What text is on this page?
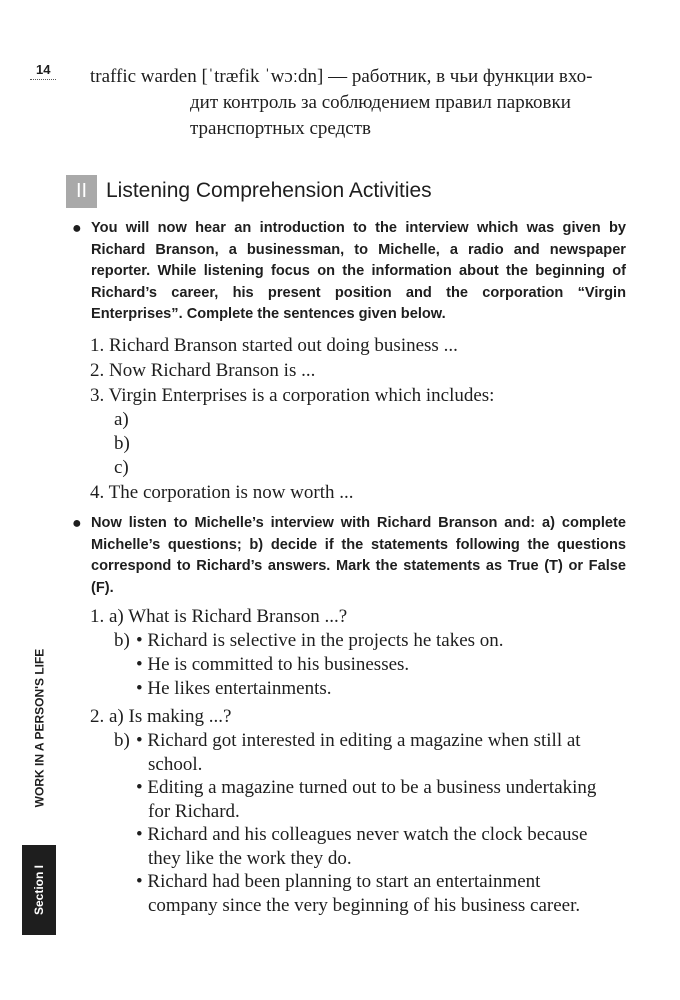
14 traffic warden [ˈtræfik ˈwɔːdn] — работник, в чьи функции вхо-
дит контроль за соблюдением правил парковки
транспортных средств
II Listening Comprehension Activities
● You will now hear an introduction to the interview which was given by Richard Branson, a businessman, to Michelle, a radio and newspaper reporter. While listening focus on the information about the beginning of Richard’s career, his present position and the corporation “Virgin Enterprises”. Complete the sentences given below.
1. Richard Branson started out doing business ...
2. Now Richard Branson is ...
3. Virgin Enterprises is a corporation which includes:
a)
b)
c)
4. The corporation is now worth ...
● Now listen to Michelle’s interview with Richard Branson and: a) complete Michelle’s questions; b) decide if the statements following the questions correspond to Richard’s answers. Mark the statements as True (T) or False (F).
1. a) What is Richard Branson ...?
b) • Richard is selective in the projects he takes on.
• He is committed to his businesses.
• He likes entertainments.
2. a) Is making ...?
b) • Richard got interested in editing a magazine when still at
school.
• Editing a magazine turned out to be a business undertaking
for Richard.
• Richard and his colleagues never watch the clock because
they like the work they do.
• Richard had been planning to start an entertainment
company since the very beginning of his business career.
WORK IN A PERSON'S LIFE
Section I
